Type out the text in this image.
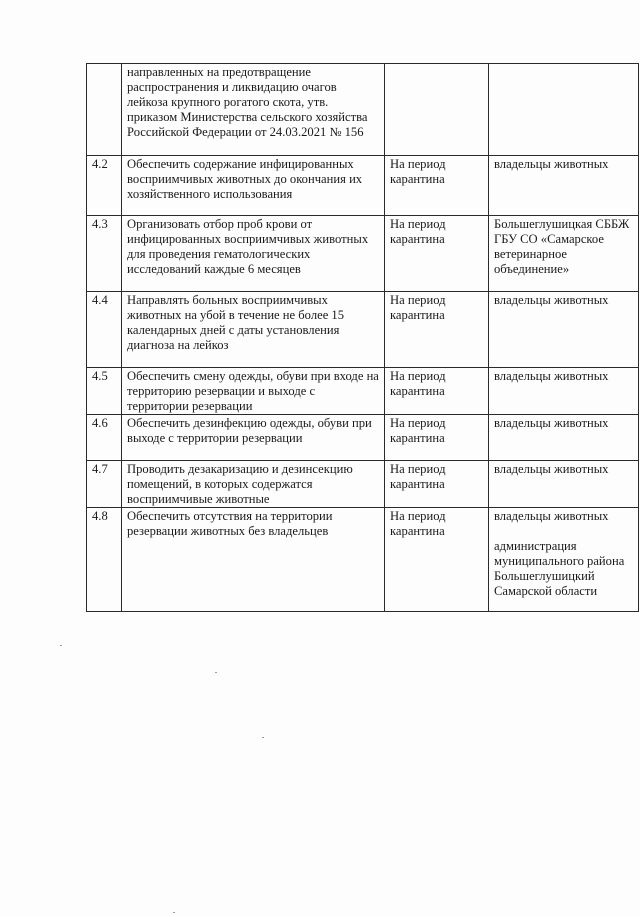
	направленных на предотвращение распространения и ликвидацию очагов лейкоза крупного рогатого скота, утв. приказом Министерства сельского хозяйства Российской Федерации от 24.03.2021 № 156		
4.2	Обеспечить содержание инфицированных восприимчивых животных до окончания их хозяйственного использования	На период карантина	владельцы животных

4.3	Организовать отбор проб крови от инфицированных восприимчивых животных для проведения гематологических исследований каждые 6 месяцев	На период карантина	Большеглушицкая СББЖ ГБУ СО «Самарское ветеринарное объединение»

4.4	Направлять больных восприимчивых животных на убой в течение не более 15 календарных дней с даты установления диагноза на лейкоз	На период карантина	владельцы животных

4.5	Обеспечить смену одежды, обуви при входе на территорию резервации и выходе с территории резервации	На период карантина	владельцы животных

4.6	Обеспечить дезинфекцию одежды, обуви при выходе с территории резервации	На период карантина	владельцы животных

4.7	Проводить дезакаризацию и дезинсекцию помещений, в которых содержатся восприимчивые животные	На период карантина	владельцы животных

4.8	Обеспечить отсутствия на территории резервации животных без владельцев	На период карантина	владельцы животных
администрация муниципального района Большеглушицкий Самарской области
